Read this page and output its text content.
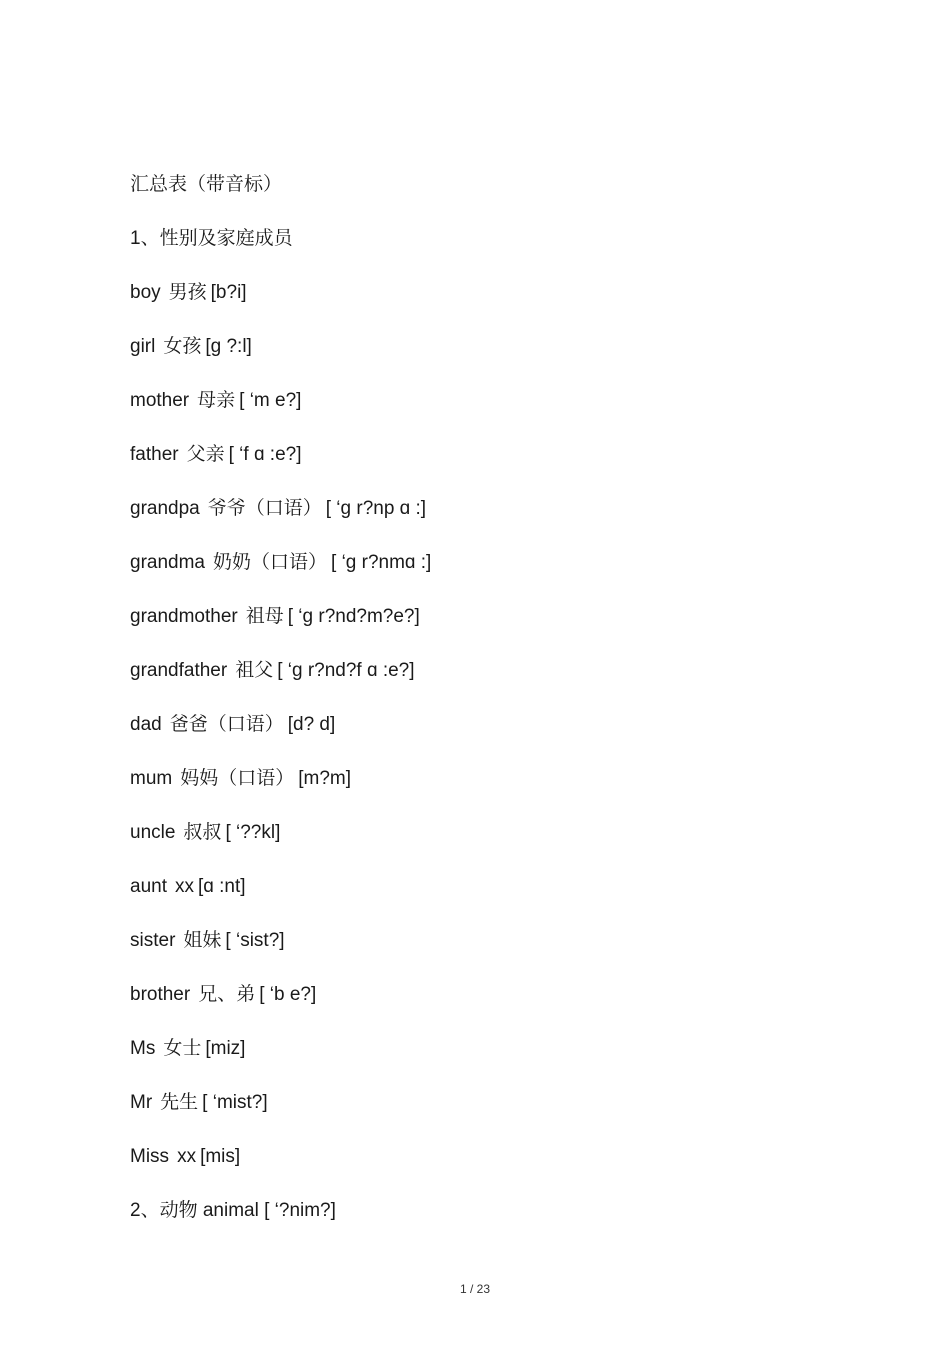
汇总表（带音标）
1、性别及家庭成员
boy 男孩 [b?i]
girl 女孩 [ɡ ?:l]
mother 母亲 [ ‘m e?]
father 父亲 [ ‘f ɑ :e?]
grandpa 爷爷（口语） [ ‘ɡ r?np ɑ :]
grandma 奶奶（口语） [ ‘ɡ r?nmɑ :]
grandmother 祖母 [ ‘ɡ r?nd?m?e?]
grandfather 祖父 [ ‘ɡ r?nd?f ɑ :e?]
dad 爸爸（口语） [d? d]
mum 妈妈（口语） [m?m]
uncle 叔叔 [ ‘??kl]
aunt xx [ɑ :nt]
sister 姐妹 [ ‘sist?]
brother 兄、弟 [ ‘b e?]
Ms 女士 [miz]
Mr 先生 [ ‘mist?]
Miss xx [mis]
2、动物 animal [ ‘?nim?]
1 / 23
